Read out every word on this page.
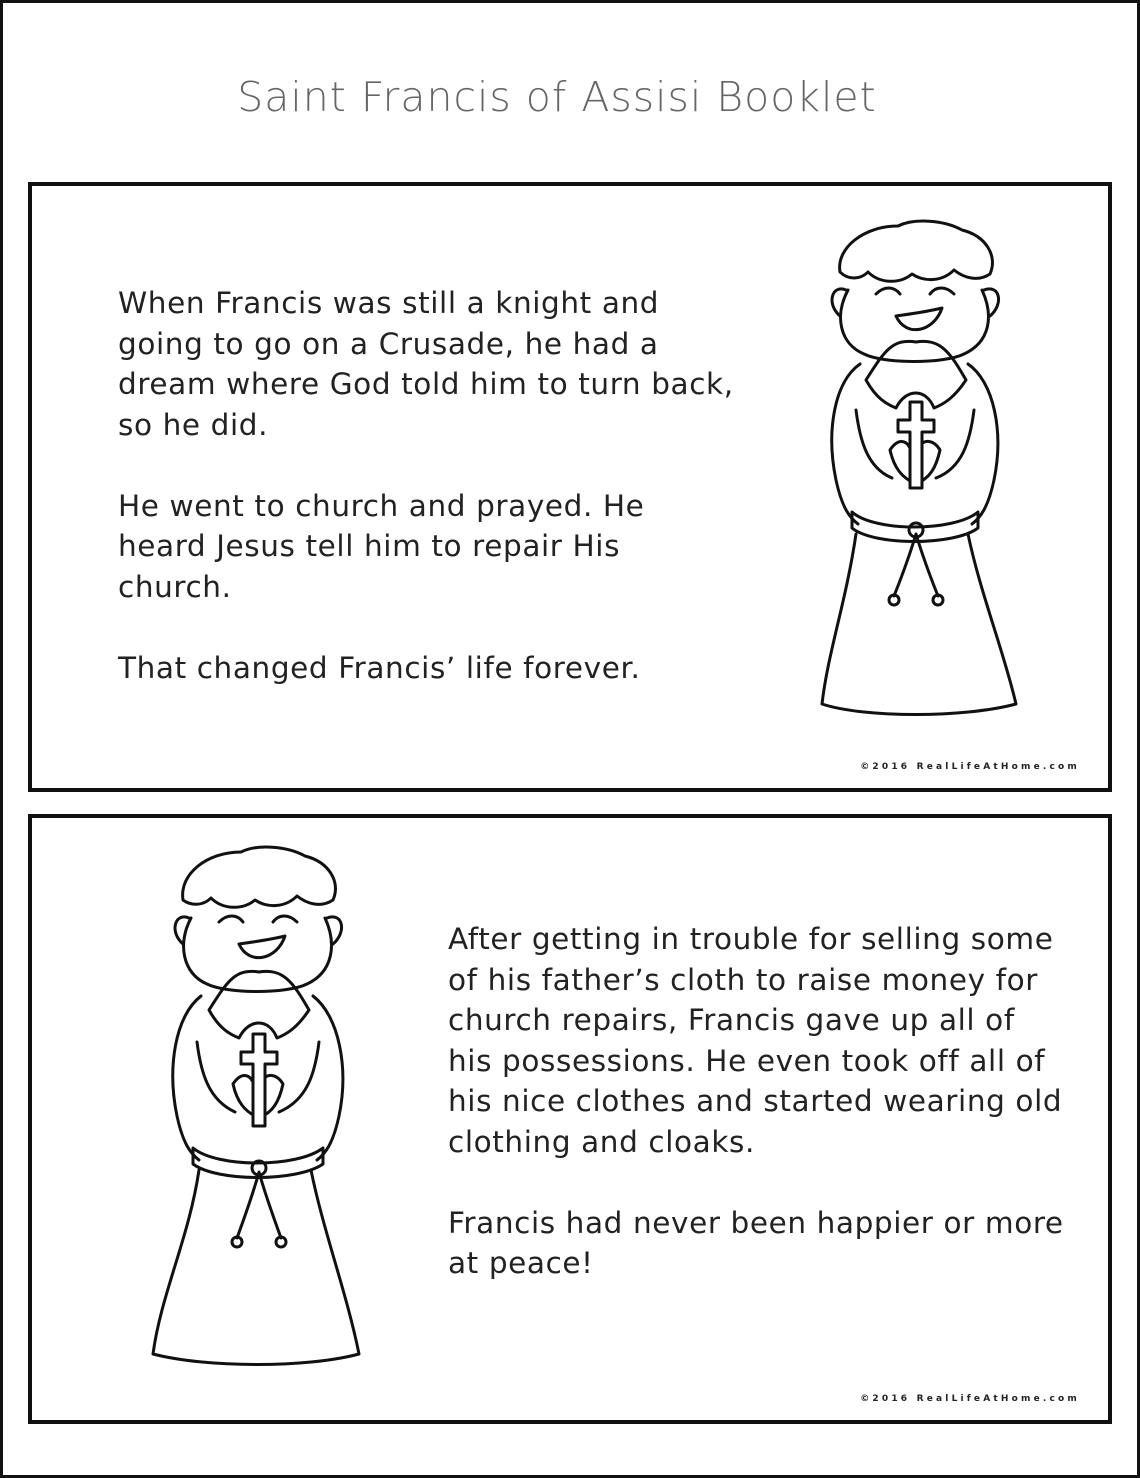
Saint Francis of Assisi Booklet

When Francis was still a knight and going to go on a Crusade, he had a dream where God told him to turn back, so he did.

He went to church and prayed. He heard Jesus tell him to repair His church.

That changed Francis’ life forever.

©2016 RealLifeAtHome.com

After getting in trouble for selling some of his father’s cloth to raise money for church repairs, Francis gave up all of his possessions. He even took off all of his nice clothes and started wearing old clothing and cloaks.

Francis had never been happier or more at peace!

©2016 RealLifeAtHome.com
